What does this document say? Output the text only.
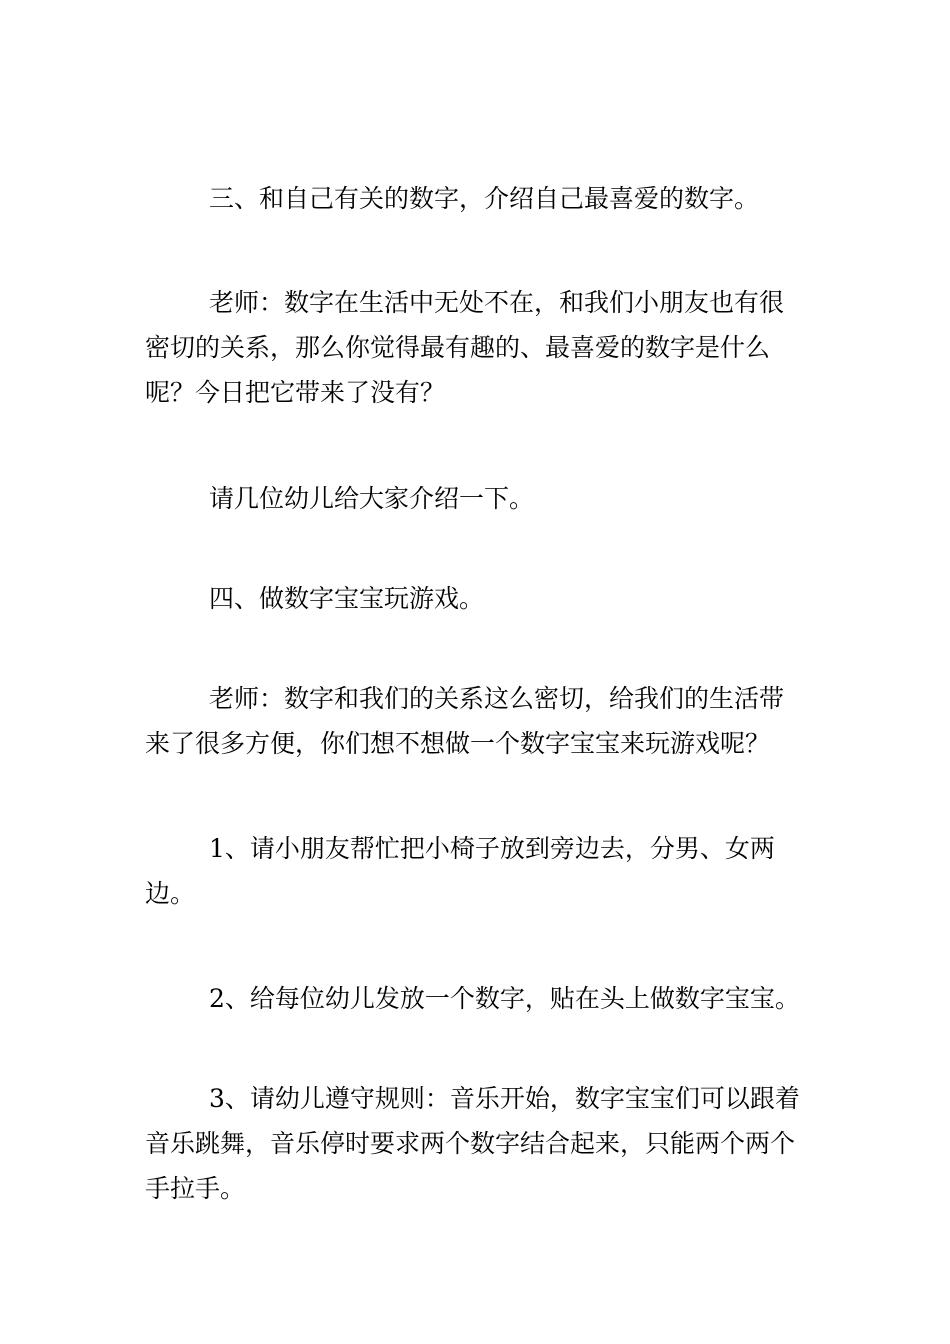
三、和自己有关的数字，介绍自己最喜爱的数字。

老师：数字在生活中无处不在，和我们小朋友也有很密切的关系，那么你觉得最有趣的、最喜爱的数字是什么呢？今日把它带来了没有？

请几位幼儿给大家介绍一下。

四、做数字宝宝玩游戏。

老师：数字和我们的关系这么密切，给我们的生活带来了很多方便，你们想不想做一个数字宝宝来玩游戏呢？

1、请小朋友帮忙把小椅子放到旁边去，分男、女两边。

2、给每位幼儿发放一个数字，贴在头上做数字宝宝。

3、请幼儿遵守规则：音乐开始，数字宝宝们可以跟着音乐跳舞，音乐停时要求两个数字结合起来，只能两个两个手拉手。
